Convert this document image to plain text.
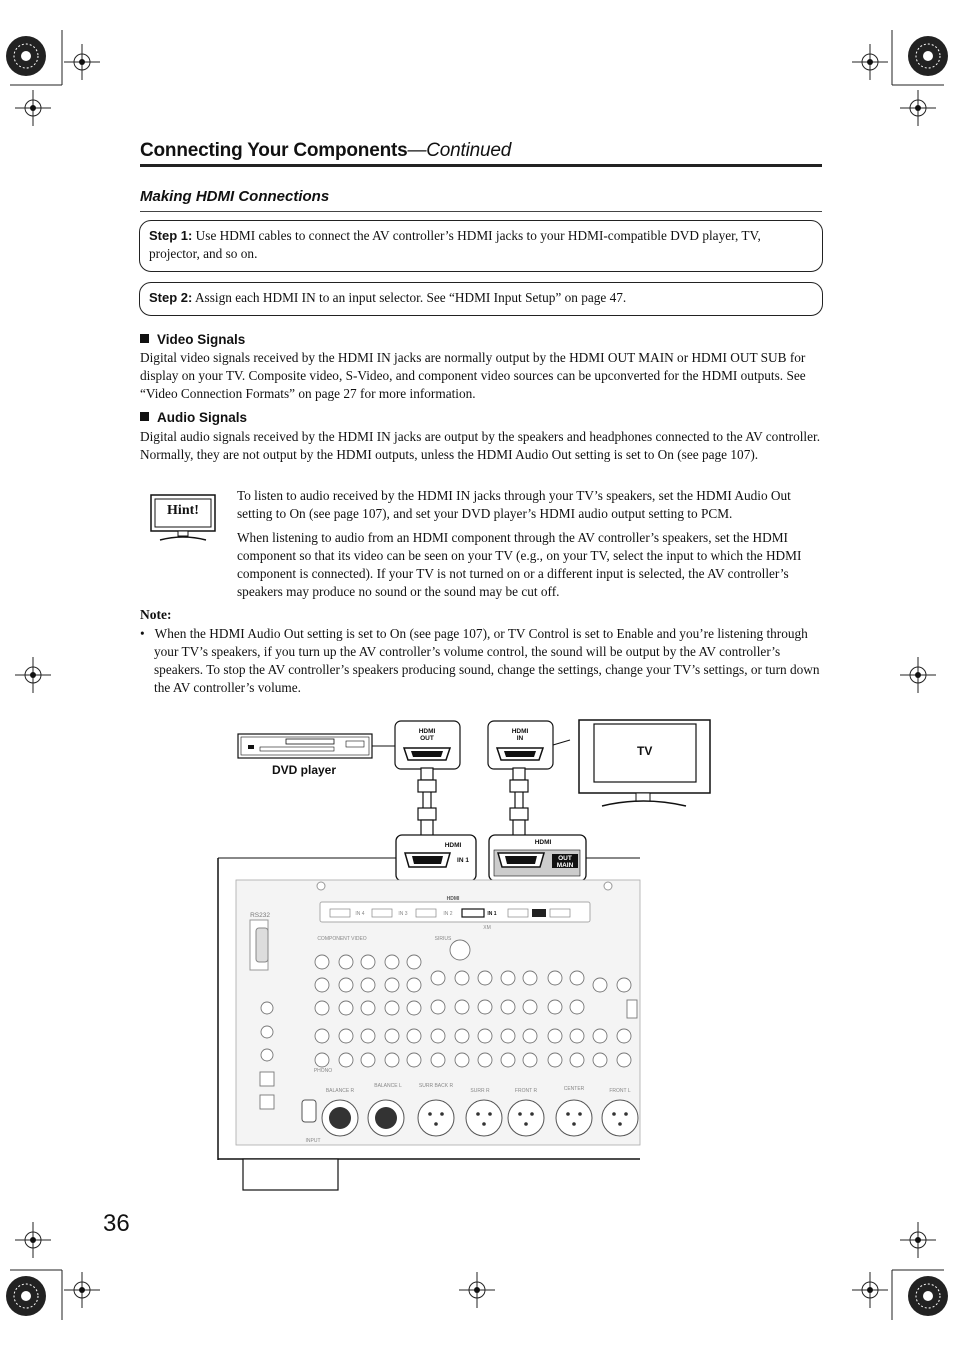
Connecting Your Components—Continued
Making HDMI Connections
Step 1: Use HDMI cables to connect the AV controller’s HDMI jacks to your HDMI-compatible DVD player, TV, projector, and so on.
Step 2: Assign each HDMI IN to an input selector. See “HDMI Input Setup” on page 47.
Video Signals
Digital video signals received by the HDMI IN jacks are normally output by the HDMI OUT MAIN or HDMI OUT SUB for display on your TV. Composite video, S-Video, and component video sources can be upconverted for the HDMI outputs. See “Video Connection Formats” on page 27 for more information.
Audio Signals
Digital audio signals received by the HDMI IN jacks are output by the speakers and headphones connected to the AV controller. Normally, they are not output by the HDMI outputs, unless the HDMI Audio Out setting is set to On (see page 107).
Hint!
To listen to audio received by the HDMI IN jacks through your TV’s speakers, set the HDMI Audio Out setting to On (see page 107), and set your DVD player’s HDMI audio output setting to PCM.
When listening to audio from an HDMI component through the AV controller’s speakers, set the HDMI component so that its video can be seen on your TV (e.g., on your TV, select the input to which the HDMI component is connected). If your TV is not turned on or a different input is selected, the AV controller’s speakers may produce no sound or the sound may be cut off.
Note:
•   When the HDMI Audio Out setting is set to On (see page 107), or TV Control is set to Enable and you’re listening through your TV’s speakers, if you turn up the AV controller’s volume control, the sound will be output by the AV controller’s speakers. To stop the AV controller’s speakers producing sound, change the settings, change your TV’s settings, or turn down the AV controller’s volume.
DVD player
TV
HDMI
OUT
HDMI
IN
HDMI
IN 1
HDMI
OUT
MAIN
RS232
HDMI
IN 4	IN 3	IN 2	IN 1
COMPONENT VIDEO	SIRIUS
XM
PHONO
BALANCE R
BALANCE L	SURR BACK R
SURR R	FRONT R	CENTER	FRONT L
INPUT
36
